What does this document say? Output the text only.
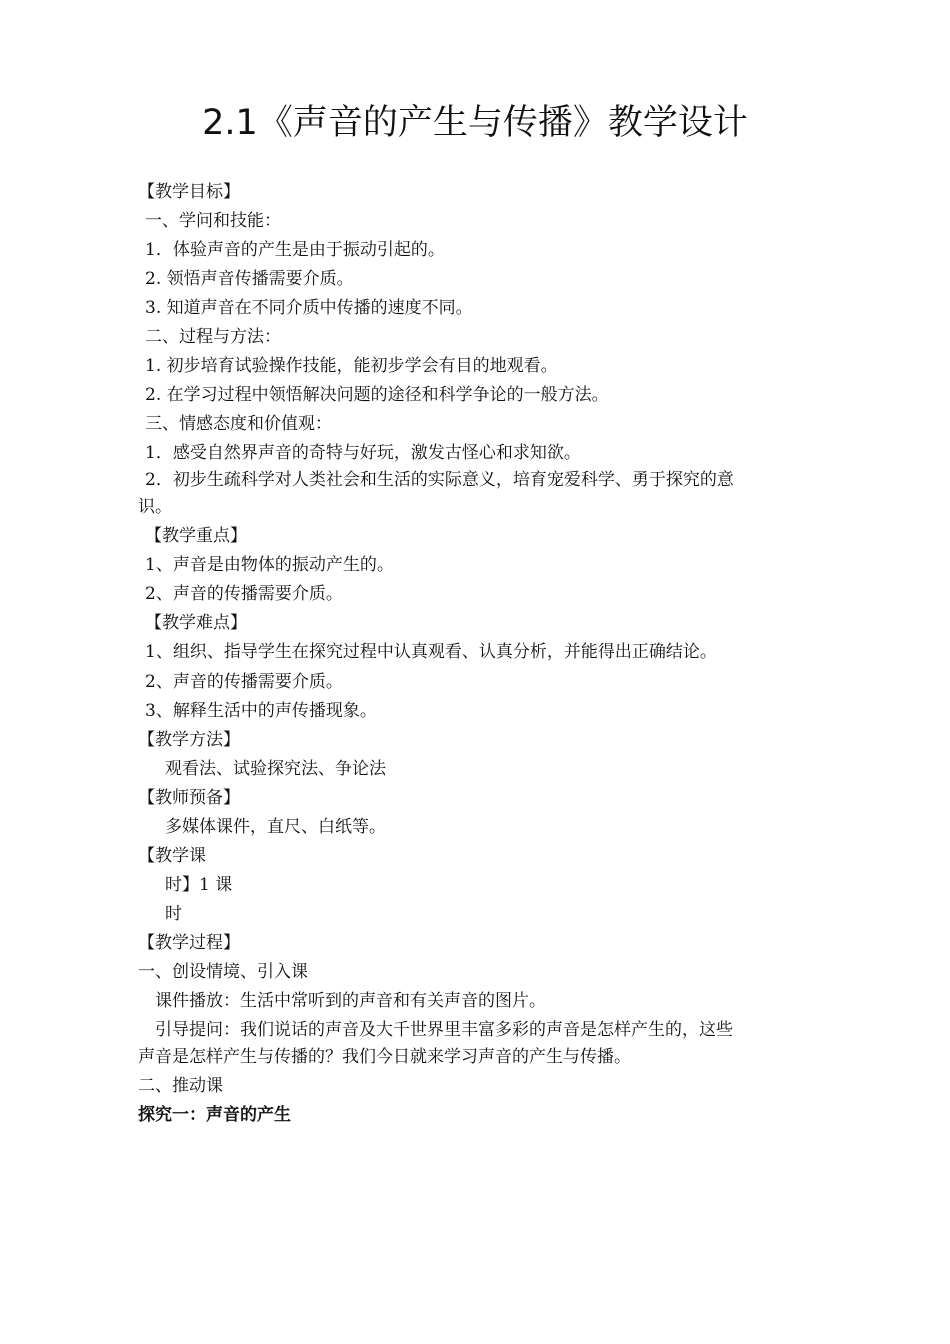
2.1《声音的产生与传播》教学设计
【教学目标】
一、学问和技能：
1．体验声音的产生是由于振动引起的。
2. 领悟声音传播需要介质。
3. 知道声音在不同介质中传播的速度不同。
二、过程与方法：
1. 初步培育试验操作技能，能初步学会有目的地观看。
2. 在学习过程中领悟解决问题的途径和科学争论的一般方法。
三、情感态度和价值观：
1．感受自然界声音的奇特与好玩，激发古怪心和求知欲。
2．初步生疏科学对人类社会和生活的实际意义，培育宠爱科学、勇于探究的意
识。
【教学重点】
1、声音是由物体的振动产生的。
2、声音的传播需要介质。
【教学难点】
1、组织、指导学生在探究过程中认真观看、认真分析，并能得出正确结论。
2、声音的传播需要介质。
3、解释生活中的声传播现象。
【教学方法】
观看法、试验探究法、争论法
【教师预备】
多媒体课件，直尺、白纸等。
【教学课
时】1 课
时
【教学过程】
一、创设情境、引入课
课件播放：生活中常听到的声音和有关声音的图片。
引导提问：我们说话的声音及大千世界里丰富多彩的声音是怎样产生的，这些
声音是怎样产生与传播的？我们今日就来学习声音的产生与传播。
二、推动课
探究一：声音的产生
